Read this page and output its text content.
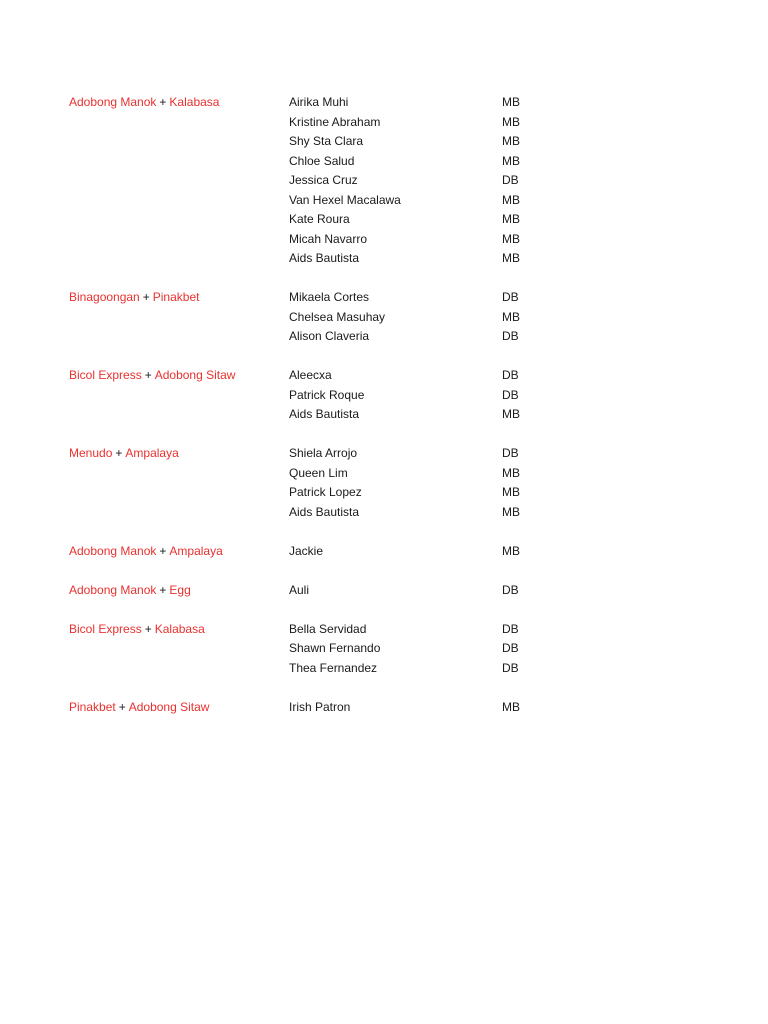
Adobong Manok + Kalabasa	Airika Muhi	MB
Kristine Abraham	MB
Shy Sta Clara	MB
Chloe Salud	MB
Jessica Cruz	DB
Van Hexel Macalawa	MB
Kate Roura	MB
Micah Navarro	MB
Aids Bautista	MB
Binagoongan + Pinakbet	Mikaela Cortes	DB
Chelsea Masuhay	MB
Alison Claveria	DB
Bicol Express + Adobong Sitaw	Aleecxa	DB
Patrick Roque	DB
Aids Bautista	MB
Menudo + Ampalaya	Shiela Arrojo	DB
Queen Lim	MB
Patrick Lopez	MB
Aids Bautista	MB
Adobong Manok + Ampalaya	Jackie	MB
Adobong Manok + Egg	Auli	DB
Bicol Express + Kalabasa	Bella Servidad	DB
Shawn Fernando	DB
Thea Fernandez	DB
Pinakbet + Adobong Sitaw	Irish Patron	MB
